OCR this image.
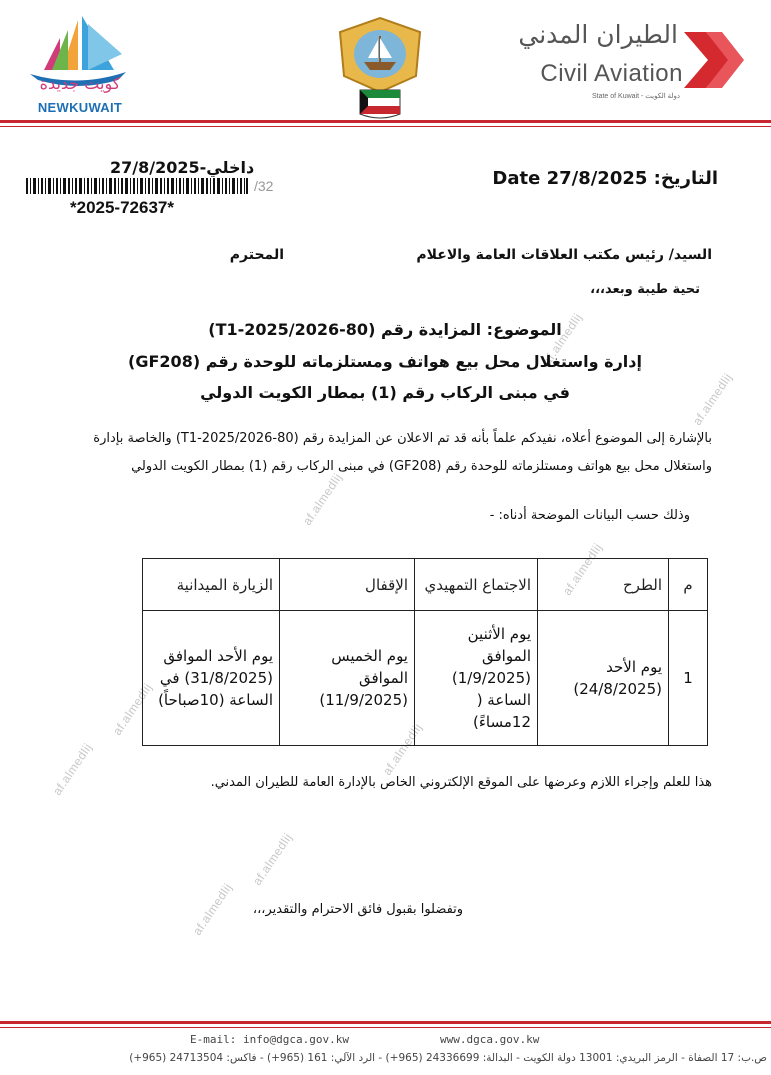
كويت جديدة
NEWKUWAIT
الطيران المدني
Civil Aviation
State of Kuwait - دولة الكويت
af.almedlij
af.almedlij
af.almedlij
af.almedlij
af.almedlij
af.almedlij
af.almedlij
af.almedlij
af.almedlij
داخلي-27/8/2025
/32
*2025-72637*
التاريخ: Date 27/8/2025
السيد/ رئيس مكتب العلاقات العامة والاعلام
المحترم
تحية طيبة وبعد،،،
الموضوع: المزايدة رقم (80-T1-2025/2026)
إدارة واستغلال محل بيع هواتف ومستلزماته للوحدة رقم (GF208)
في مبنى الركاب رقم (1) بمطار الكويت الدولي
بالإشارة إلى الموضوع أعلاه، نفيدكم علماً بأنه قد تم الاعلان عن المزايدة رقم (80-T1-2025/2026) والخاصة بإدارة واستغلال محل بيع هواتف ومستلزماته للوحدة رقم (GF208) في مبنى الركاب رقم (1) بمطار الكويت الدولي
وذلك حسب البيانات الموضحة أدناه: -
م	الطرح	الاجتماع التمهيدي	الإقفال	الزيارة الميدانية
1	يوم الأحد (24/8/2025)	يوم الأثنين الموافق (1/9/2025) الساعة ( 12مساءً)	يوم الخميس الموافق (11/9/2025)	يوم الأحد الموافق (31/8/2025) في الساعة (10صباحاً)
هذا للعلم وإجراء اللازم وعرضها على الموقع الإلكتروني الخاص بالإدارة العامة للطيران المدني.
وتفضلوا بقبول فائق الاحترام والتقدير،،،
E-mail: info@dgca.gov.kw	www.dgca.gov.kw
ص.ب: 17 الصفاة - الرمز البريدي: 13001 دولة الكويت - البدالة: 24336699 (965+) - الرد الآلي: 161 (965+) - فاكس: 24713504 (965+)
